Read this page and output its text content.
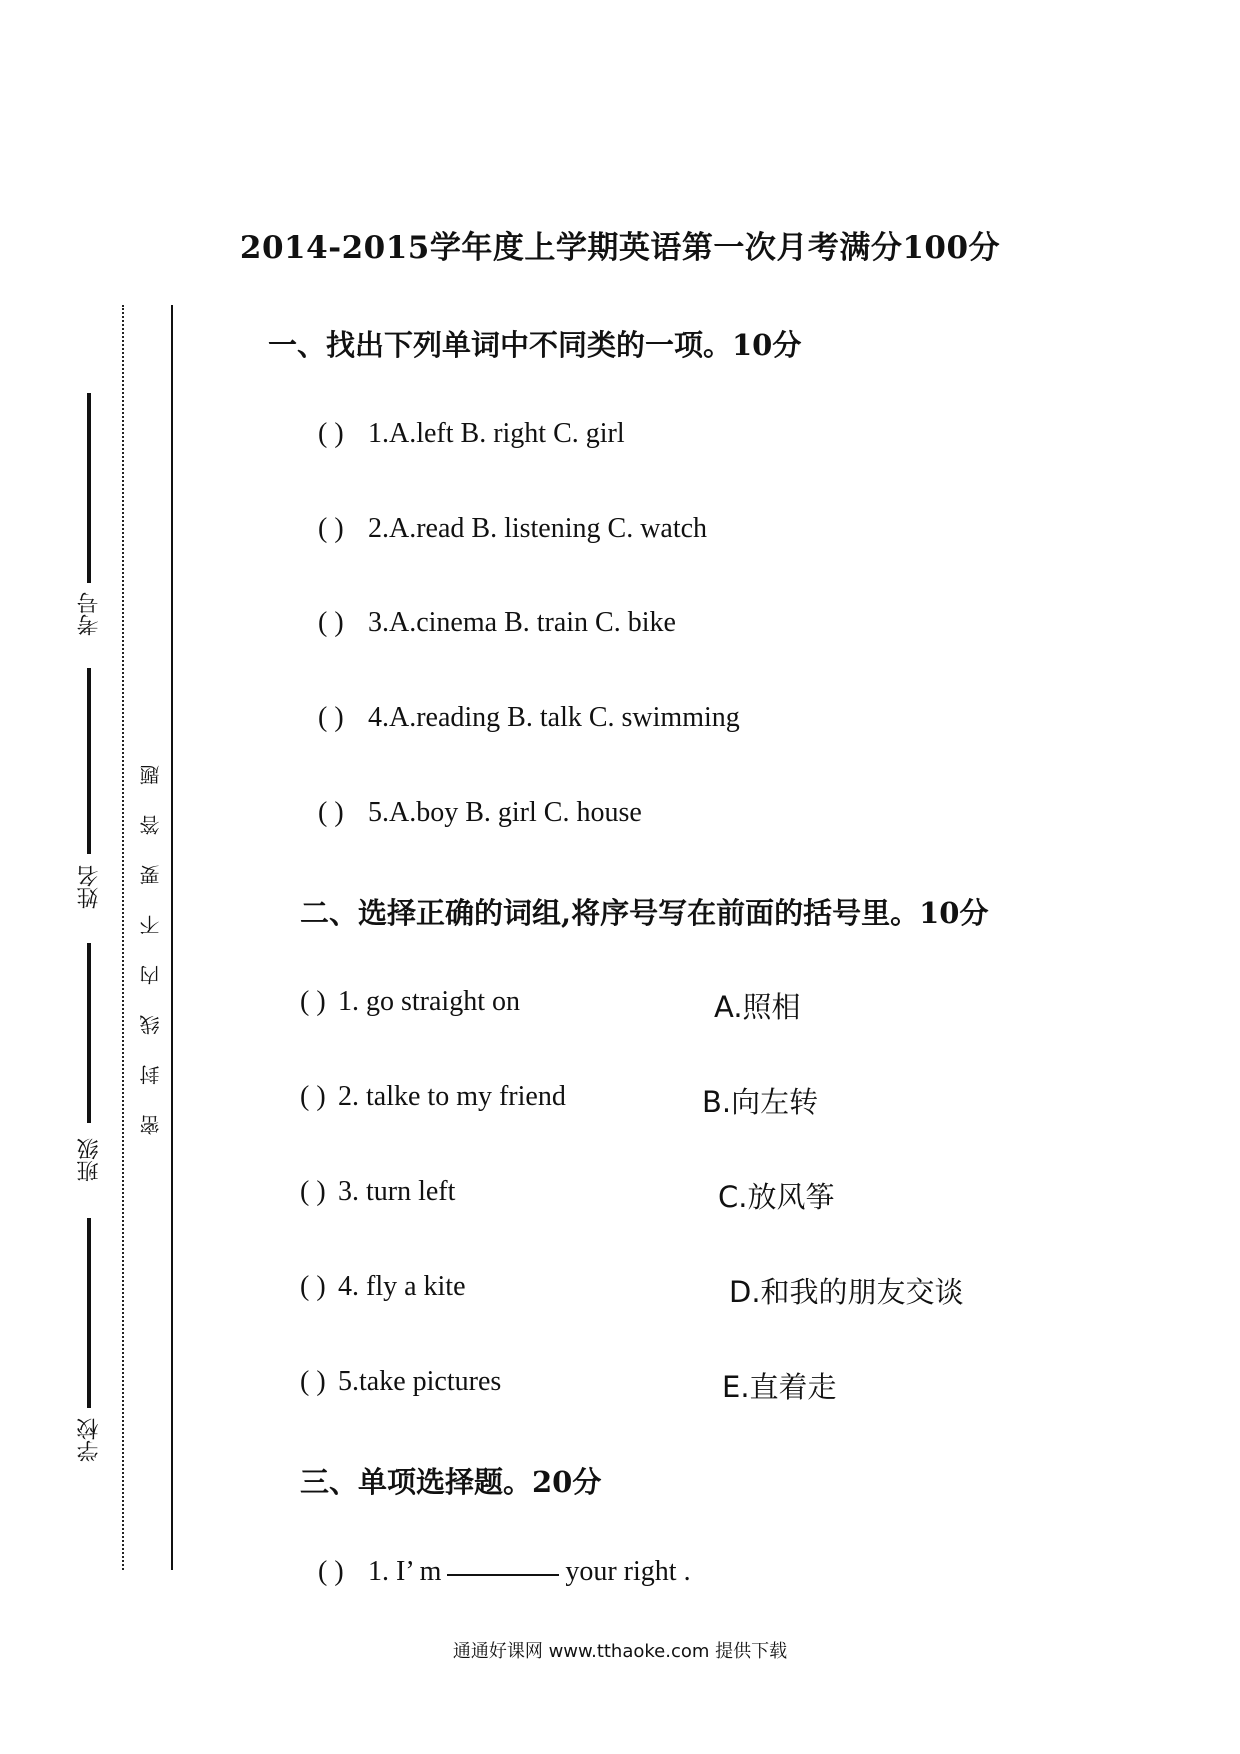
2014-2015学年度上学期英语第一次月考满分100分
考号
姓名
班级
学校
密封线内不要答题
一、找出下列单词中不同类的一项。10分
( ) 1.A.left B. right C. girl
( ) 2.A.read B. listening C. watch
( ) 3.A.cinema B. train C. bike
( ) 4.A.reading B. talk C. swimming
( ) 5.A.boy B. girl C. house
二、选择正确的词组,将序号写在前面的括号里。10分
( ) 1. go straight on	A.照相
( ) 2. talke to my friend	B.向左转
( ) 3. turn left	C.放风筝
( ) 4. fly a kite	D.和我的朋友交谈
( ) 5.take pictures	E.直着走
三、单项选择题。20分
( ) 1. I’ m	your right .
通通好课网 www.tthaoke.com 提供下载
